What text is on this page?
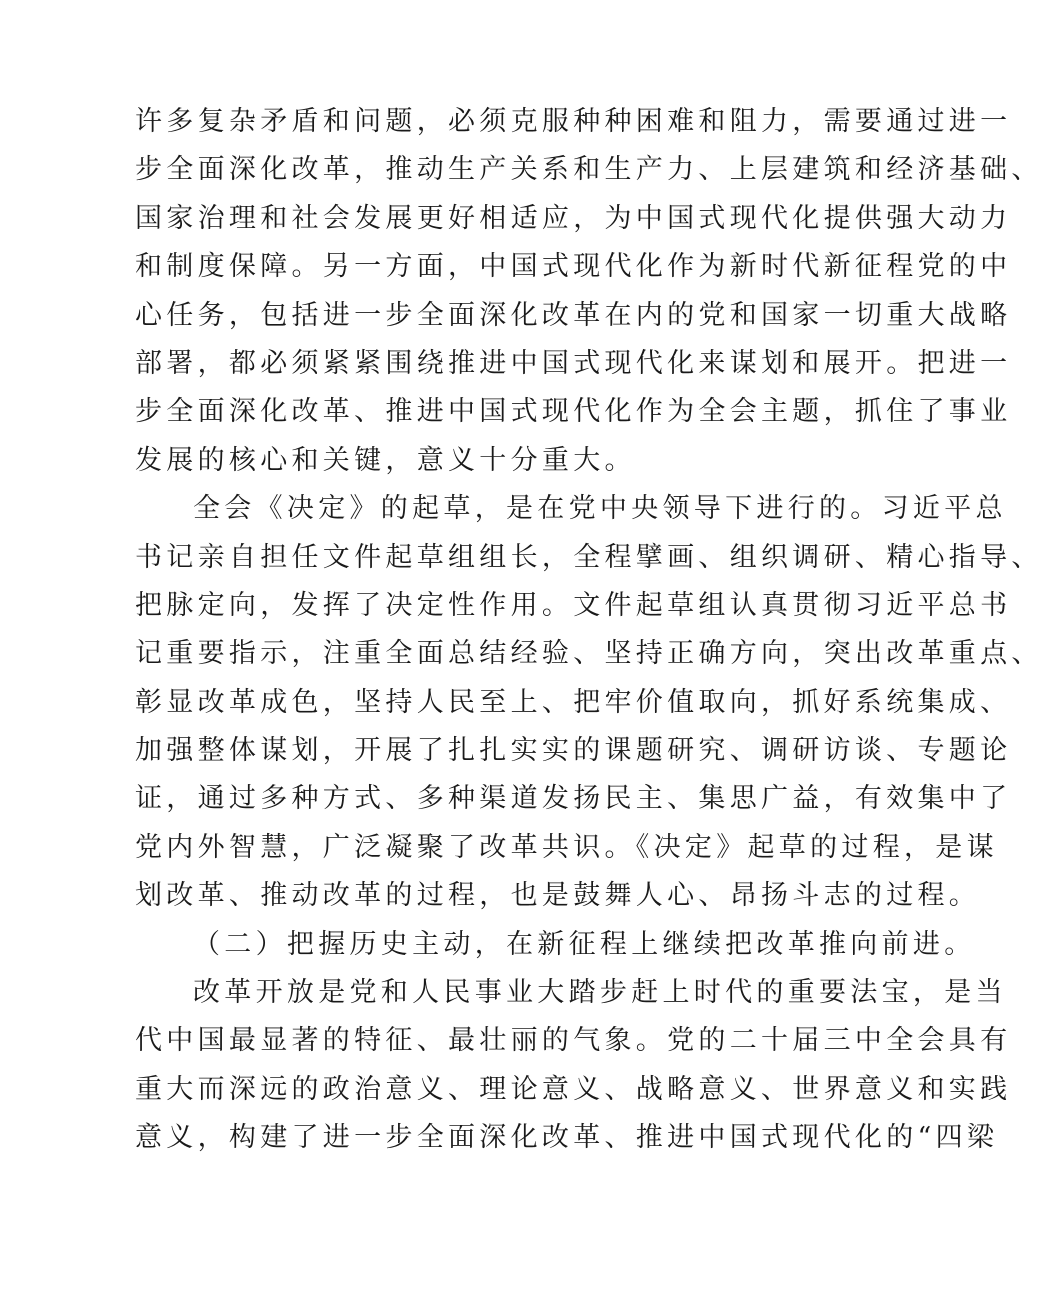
许多复杂矛盾和问题，必须克服种种困难和阻力，需要通过进一
步全面深化改革，推动生产关系和生产力、上层建筑和经济基础、
国家治理和社会发展更好相适应，为中国式现代化提供强大动力
和制度保障。另一方面，中国式现代化作为新时代新征程党的中
心任务，包括进一步全面深化改革在内的党和国家一切重大战略
部署，都必须紧紧围绕推进中国式现代化来谋划和展开。把进一
步全面深化改革、推进中国式现代化作为全会主题，抓住了事业
发展的核心和关键，意义十分重大。
全会《决定》的起草，是在党中央领导下进行的。习近平总
书记亲自担任文件起草组组长，全程擘画、组织调研、精心指导、
把脉定向，发挥了决定性作用。文件起草组认真贯彻习近平总书
记重要指示，注重全面总结经验、坚持正确方向，突出改革重点、
彰显改革成色，坚持人民至上、把牢价值取向，抓好系统集成、
加强整体谋划，开展了扎扎实实的课题研究、调研访谈、专题论
证，通过多种方式、多种渠道发扬民主、集思广益，有效集中了
党内外智慧，广泛凝聚了改革共识。《决定》起草的过程，是谋
划改革、推动改革的过程，也是鼓舞人心、昂扬斗志的过程。
（二）把握历史主动，在新征程上继续把改革推向前进。
改革开放是党和人民事业大踏步赶上时代的重要法宝，是当
代中国最显著的特征、最壮丽的气象。党的二十届三中全会具有
重大而深远的政治意义、理论意义、战略意义、世界意义和实践
意义，构建了进一步全面深化改革、推进中国式现代化的“四梁
